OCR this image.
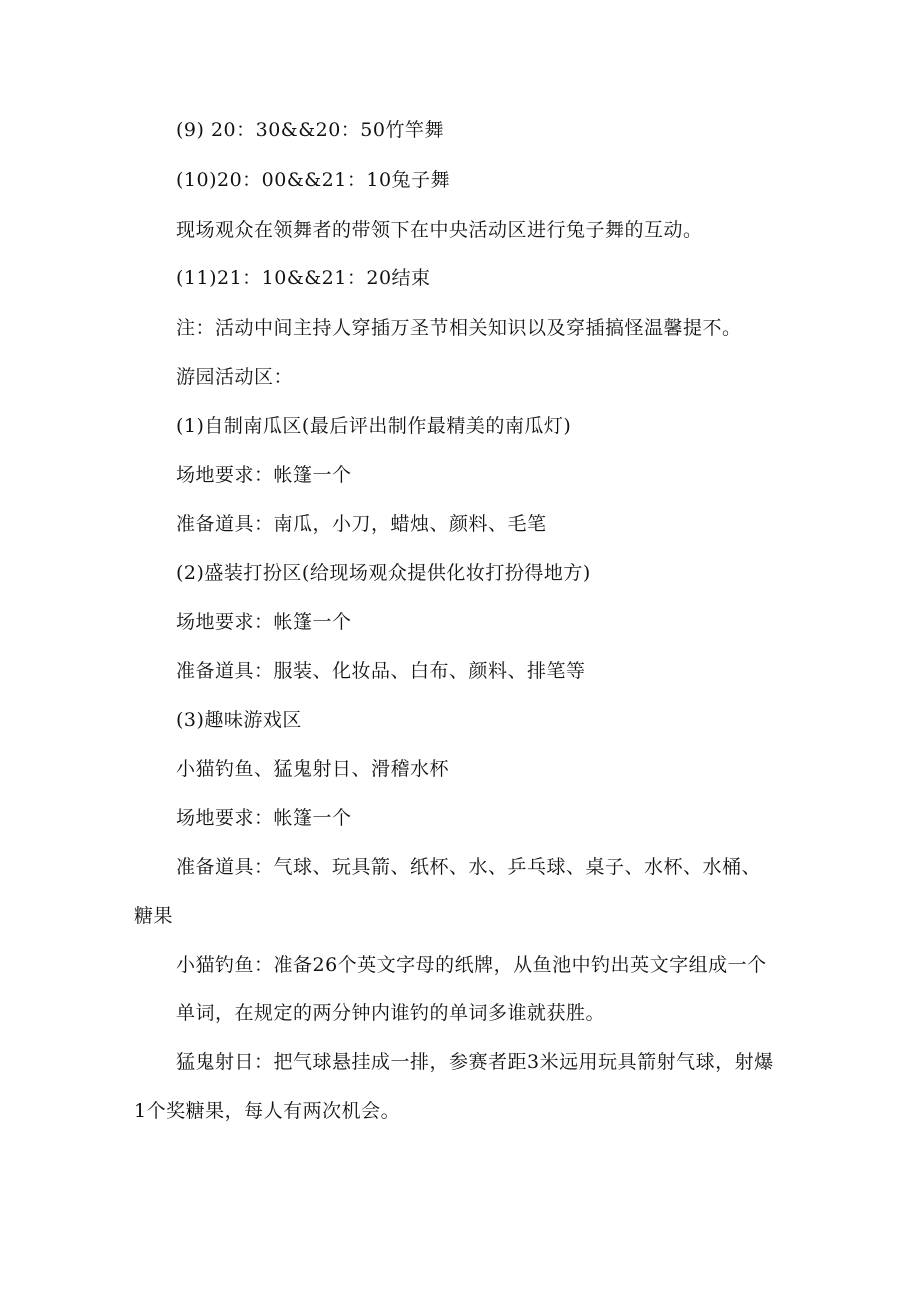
(9) 20：30&&20：50竹竿舞
(10)20：00&&21：10兔子舞
现场观众在领舞者的带领下在中央活动区进行兔子舞的互动。
(11)21：10&&21：20结束
注：活动中间主持人穿插万圣节相关知识以及穿插搞怪温馨提不。
游园活动区：
(1)自制南瓜区(最后评出制作最精美的南瓜灯)
场地要求：帐篷一个
准备道具：南瓜，小刀，蜡烛、颜料、毛笔
(2)盛装打扮区(给现场观众提供化妆打扮得地方)
场地要求：帐篷一个
准备道具：服装、化妆品、白布、颜料、排笔等
(3)趣味游戏区
小猫钓鱼、猛鬼射日、滑稽水杯
场地要求：帐篷一个
准备道具：气球、玩具箭、纸杯、水、乒乓球、桌子、水杯、水桶、
糖果
小猫钓鱼：准备26个英文字母的纸牌，从鱼池中钓出英文字组成一个
单词，在规定的两分钟内谁钓的单词多谁就获胜。
猛鬼射日：把气球悬挂成一排，参赛者距3米远用玩具箭射气球，射爆
1个奖糖果，每人有两次机会。
